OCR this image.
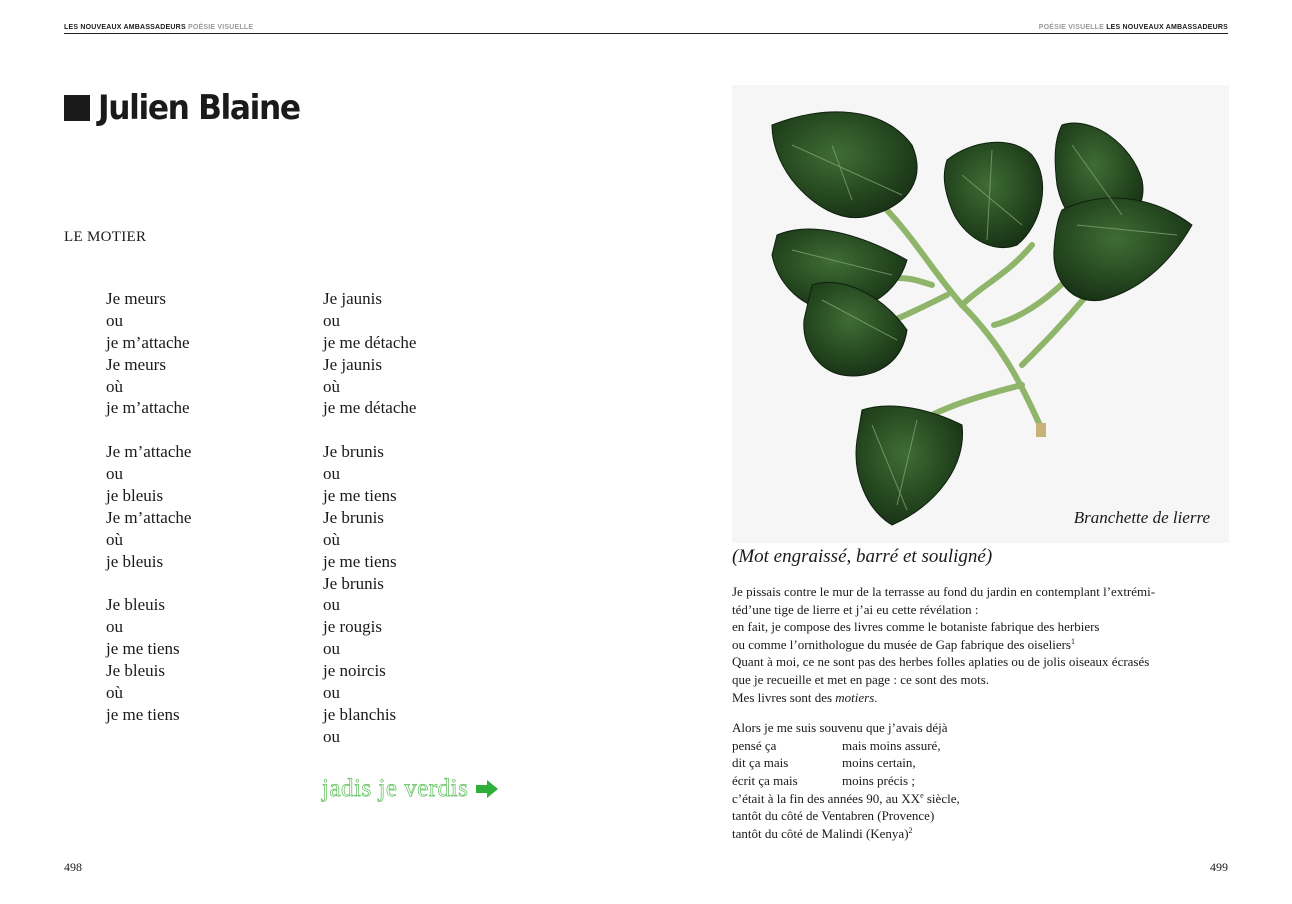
LES NOUVEAUX AMBASSADEURS POÉSIE VISUELLE	POÉSIE VISUELLE LES NOUVEAUX AMBASSADEURS
Julien Blaine
LE MOTIER
Je meurs
ou
je m’attache
Je meurs
où
je m’attache
Je m’attache
ou
je bleuis
Je m’attache
où
je bleuis
Je bleuis
ou
je me tiens
Je bleuis
où
je me tiens
Je jaunis
ou
je me détache
Je jaunis
où
je me détache
Je brunis
ou
je me tiens
Je brunis
où
je me tiens
Je brunis
ou
je rougis
ou
je noircis
ou
je blanchis
ou
jadis je verdis
498	499
Branchette de lierre
(Mot engraissé, barré et souligné)
Je pissais contre le mur de la terrasse au fond du jardin en contemplant l’extrémi-
téd’une tige de lierre et j’ai eu cette révélation :
en fait, je compose des livres comme le botaniste fabrique des herbiers
ou comme l’ornithologue du musée de Gap fabrique des oiseliers$^1$
Quant à moi, ce ne sont pas des herbes folles aplaties ou de jolis oiseaux écrasés
que je recueille et met en page : ce sont des mots.
Mes livres sont des motiers.
Alors je me suis souvenu que j’avais déjà
pensé ça	mais moins assuré,
dit ça mais	moins certain,
écrit ça mais	moins précis ;
c’était à la fin des années 90, au XXe siècle,
tantôt du côté de Ventabren (Provence)
tantôt du côté de Malindi (Kenya)$^2$
